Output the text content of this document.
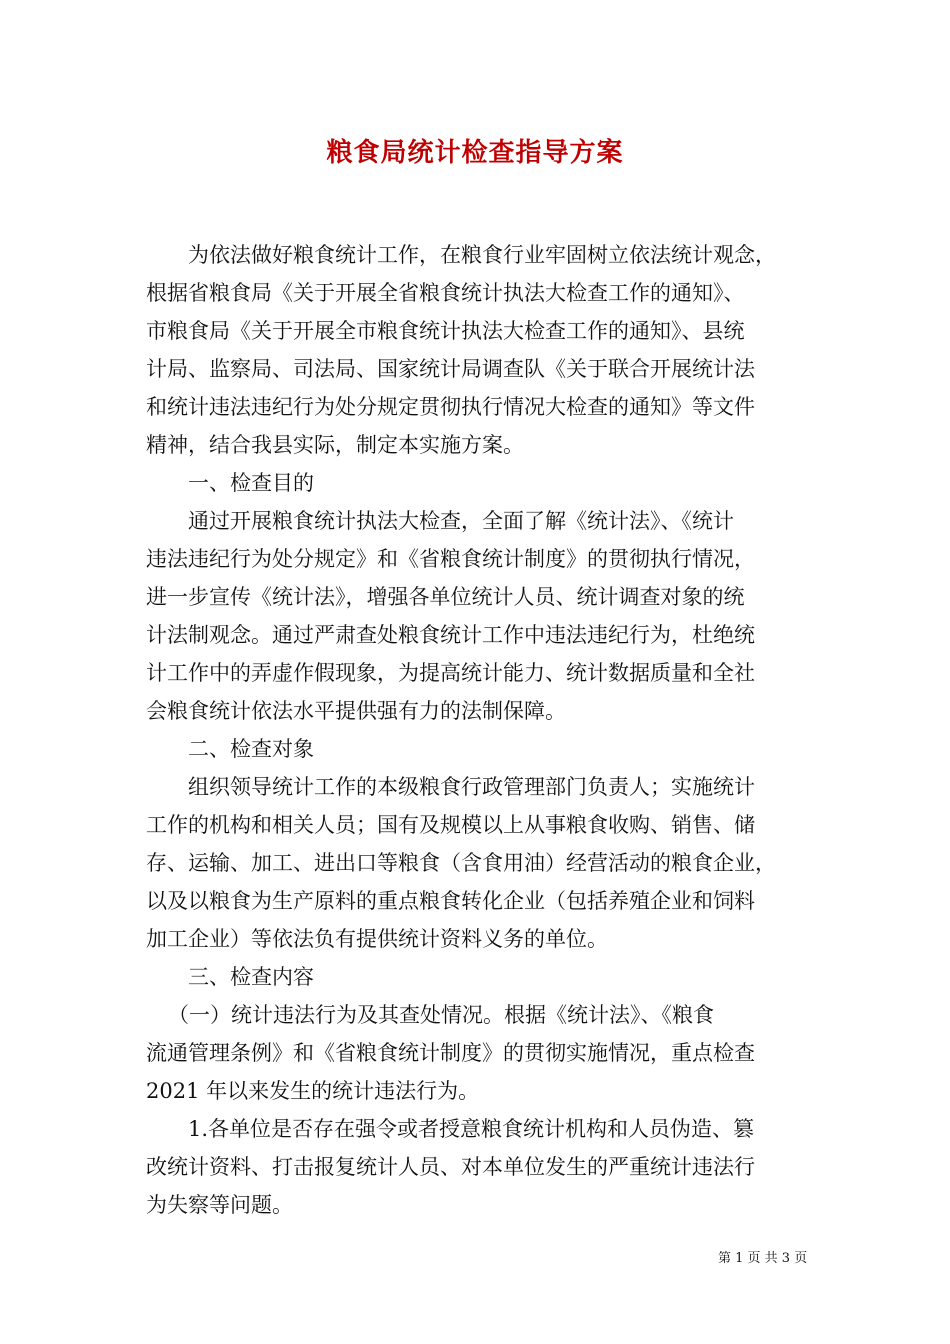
粮食局统计检查指导方案
为依法做好粮食统计工作，在粮食行业牢固树立依法统计观念，
根据省粮食局《关于开展全省粮食统计执法大检查工作的通知》、
市粮食局《关于开展全市粮食统计执法大检查工作的通知》、县统
计局、监察局、司法局、国家统计局调查队《关于联合开展统计法
和统计违法违纪行为处分规定贯彻执行情况大检查的通知》等文件
精神，结合我县实际，制定本实施方案。
一、检查目的
通过开展粮食统计执法大检查，全面了解《统计法》、《统计
违法违纪行为处分规定》和《省粮食统计制度》的贯彻执行情况，
进一步宣传《统计法》，增强各单位统计人员、统计调查对象的统
计法制观念。通过严肃查处粮食统计工作中违法违纪行为，杜绝统
计工作中的弄虚作假现象，为提高统计能力、统计数据质量和全社
会粮食统计依法水平提供强有力的法制保障。
二、检查对象
组织领导统计工作的本级粮食行政管理部门负责人；实施统计
工作的机构和相关人员；国有及规模以上从事粮食收购、销售、储
存、运输、加工、进出口等粮食（含食用油）经营活动的粮食企业，
以及以粮食为生产原料的重点粮食转化企业（包括养殖企业和饲料
加工企业）等依法负有提供统计资料义务的单位。
三、检查内容
（一）统计违法行为及其查处情况。根据《统计法》、《粮食
流通管理条例》和《省粮食统计制度》的贯彻实施情况，重点检查
2021 年以来发生的统计违法行为。
1.各单位是否存在强令或者授意粮食统计机构和人员伪造、篡
改统计资料、打击报复统计人员、对本单位发生的严重统计违法行
为失察等问题。
第 1 页 共 3 页
